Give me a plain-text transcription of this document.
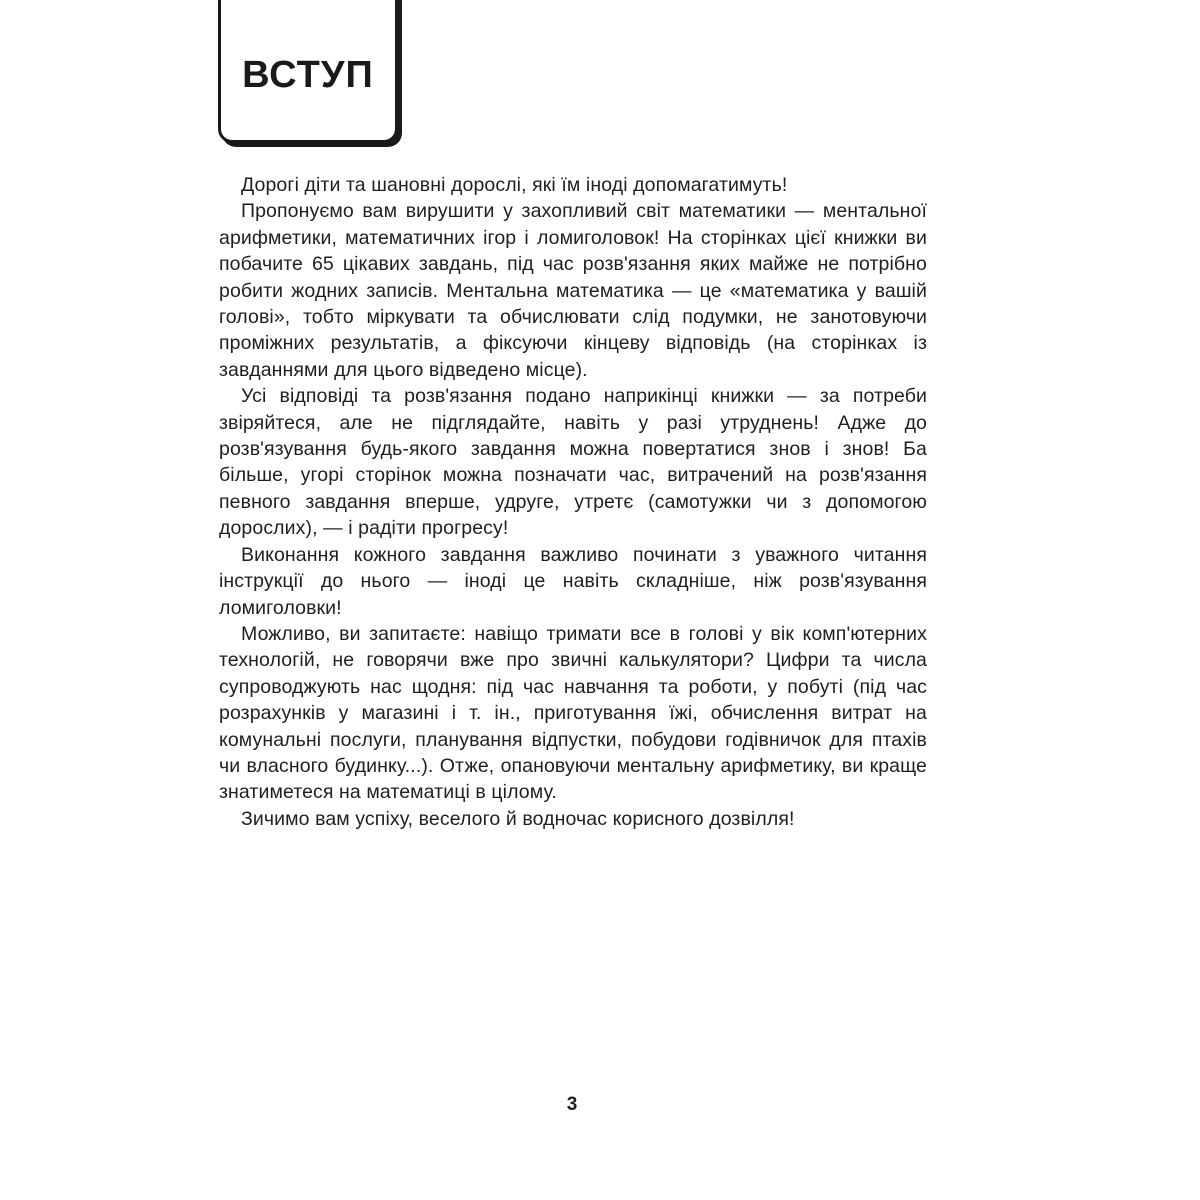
ВСТУП

Дорогі діти та шановні дорослі, які їм іноді допомагатимуть!

Пропонуємо вам вирушити у захопливий світ математики — ментальної арифметики, математичних ігор і ломиголовок! На сторінках цієї книжки ви побачите 65 цікавих завдань, під час розв'язання яких майже не потрібно робити жодних записів. Ментальна математика — це «математика у вашій голові», тобто міркувати та обчислювати слід подумки, не занотовуючи проміжних результатів, а фіксуючи кінцеву відповідь (на сторінках із завданнями для цього відведено місце).

Усі відповіді та розв'язання подано наприкінці книжки — за потреби звіряйтеся, але не підглядайте, навіть у разі утруднень! Адже до розв'язування будь-якого завдання можна повертатися знов і знов! Ба більше, угорі сторінок можна позначати час, витрачений на розв'язання певного завдання вперше, удруге, утретє (самотужки чи з допомогою дорослих), — і радіти прогресу!

Виконання кожного завдання важливо починати з уважного читання інструкції до нього — іноді це навіть складніше, ніж розв'язування ломиголовки!

Можливо, ви запитаєте: навіщо тримати все в голові у вік комп'ютерних технологій, не говорячи вже про звичні калькулятори? Цифри та числа супроводжують нас щодня: під час навчання та роботи, у побуті (під час розрахунків у магазині і т. ін., приготування їжі, обчислення витрат на комунальні послуги, планування відпустки, побудови годівничок для птахів чи власного будинку...). Отже, опановуючи ментальну арифметику, ви краще знатиметеся на математиці в цілому.

Зичимо вам успіху, веселого й водночас корисного дозвілля!

3
